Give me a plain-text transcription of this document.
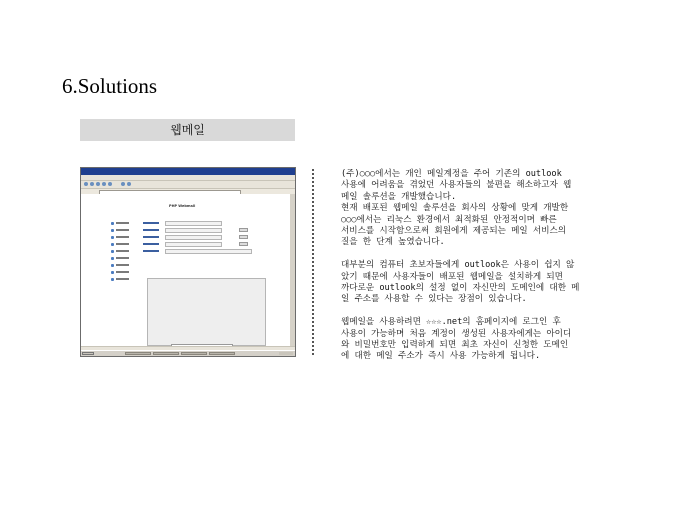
6.Solutions
웹메일
PHP Webmail

(주)○○○에서는 개인 메일계정을 주어 기존의 outlook
사용에 어려움을 겪었던 사용자들의 불편을 해소하고자 웹
메일 솔루션을 개발했습니다.
현재 배포된 웹메일 솔루션을 회사의 상황에 맞게 개발한
○○○에서는 리눅스 환경에서 최적화된 안정적이며 빠른
서비스를 시작함으로써 회원에게 제공되는 메일 서비스의
질을 한 단계 높였습니다.

대부분의 컴퓨터 초보자들에게 outlook은 사용이 쉽지 않
았기 때문에 사용자들이 배포된 웹메일을 설치하게 되면
까다로운 outlook의 설정 없이 자신만의 도메인에 대한 메
일 주소를 사용할 수 있다는 장점이 있습니다.

웹메일을 사용하려면 ☆☆☆.net의 홈페이지에 로그인 후
사용이 가능하며 처음 계정이 생성된 사용자에게는 아이디
와 비밀번호만 입력하게 되면 최초 자신이 신청한 도메인
에 대한 메일 주소가 즉시 사용 가능하게 됩니다.
